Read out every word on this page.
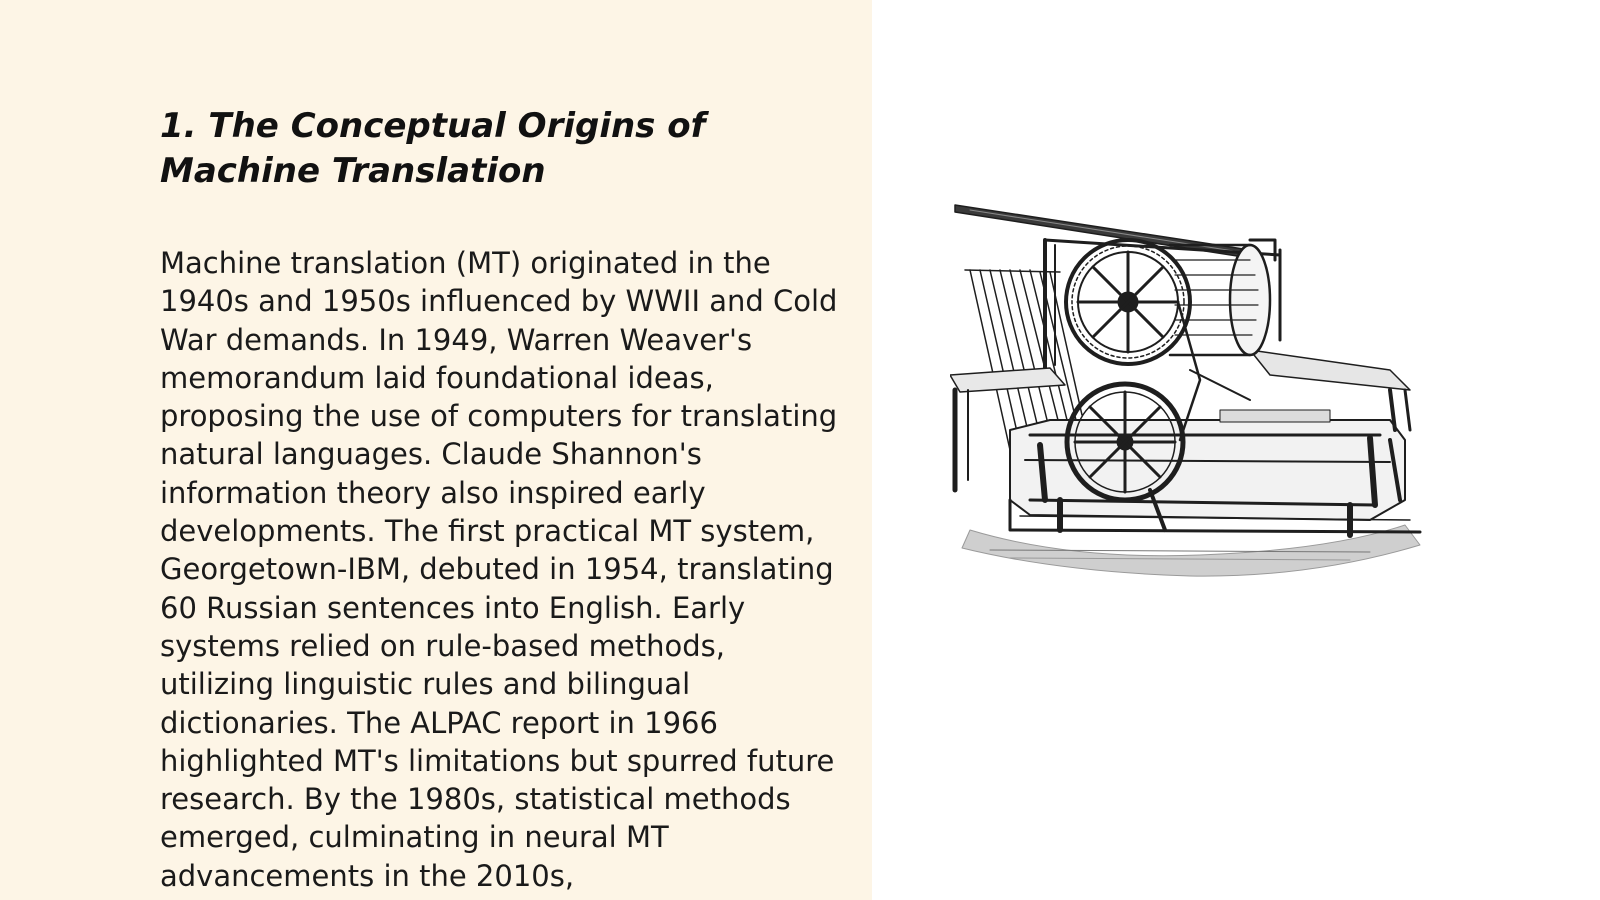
1. The Conceptual Origins of Machine Translation

Machine translation (MT) originated in the 1940s and 1950s influenced by WWII and Cold War demands. In 1949, Warren Weaver's memorandum laid foundational ideas, proposing the use of computers for translating natural languages. Claude Shannon's information theory also inspired early developments. The first practical MT system, Georgetown-IBM, debuted in 1954, translating 60 Russian sentences into English. Early systems relied on rule-based methods, utilizing linguistic rules and bilingual dictionaries. The ALPAC report in 1966 highlighted MT's limitations but spurred future research. By the 1980s, statistical methods emerged, culminating in neural MT advancements in the 2010s,
